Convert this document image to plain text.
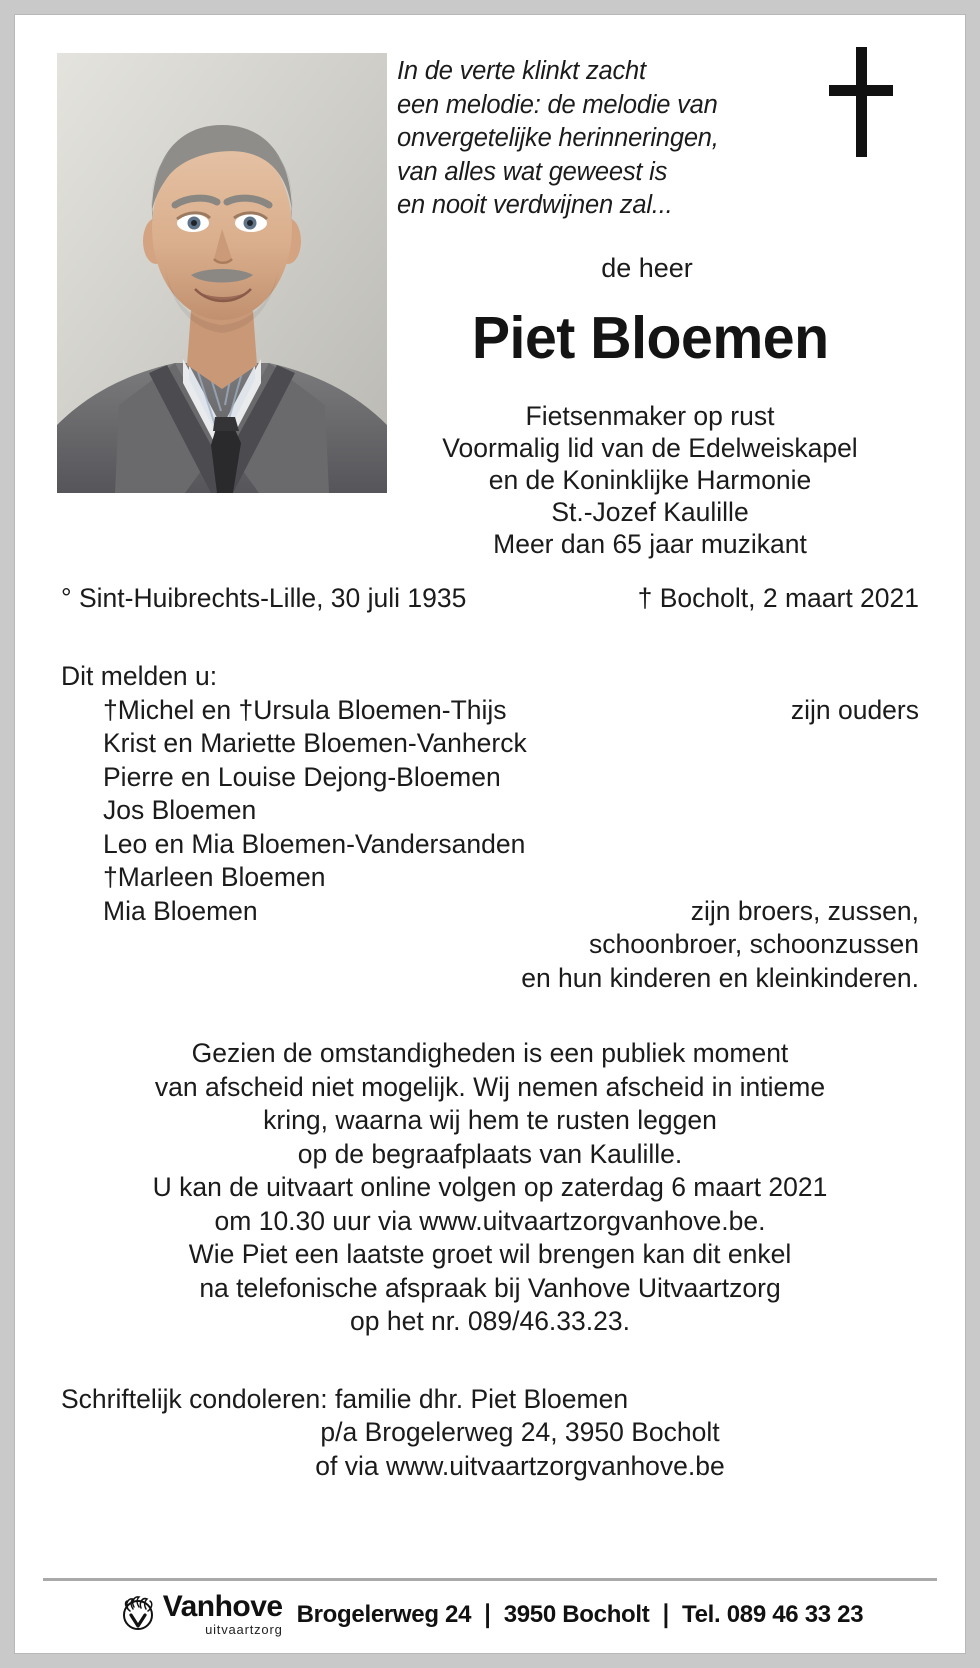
In de verte klinkt zacht
een melodie: de melodie van
onvergetelijke herinneringen,
van alles wat geweest is
en nooit verdwijnen zal...
de heer
Piet Bloemen
Fietsenmaker op rust
Voormalig lid van de Edelweiskapel
en de Koninklijke Harmonie
St.-Jozef Kaulille
Meer dan 65 jaar muzikant
° Sint-Huibrechts-Lille, 30 juli 1935	† Bocholt, 2 maart 2021
Dit melden u:
†Michel en †Ursula Bloemen-Thijs	zijn ouders
Krist en Mariette Bloemen-Vanherck
Pierre en Louise Dejong-Bloemen
Jos Bloemen
Leo en Mia Bloemen-Vandersanden
†Marleen Bloemen
Mia Bloemen	zijn broers, zussen,
schoonbroer, schoonzussen
en hun kinderen en kleinkinderen.
Gezien de omstandigheden is een publiek moment
van afscheid niet mogelijk. Wij nemen afscheid in intieme
kring, waarna wij hem te rusten leggen
op de begraafplaats van Kaulille.
U kan de uitvaart online volgen op zaterdag 6 maart 2021
om 10.30 uur via www.uitvaartzorgvanhove.be.
Wie Piet een laatste groet wil brengen kan dit enkel
na telefonische afspraak bij Vanhove Uitvaartzorg
op het nr. 089/46.33.23.
Schriftelijk condoleren: familie dhr. Piet Bloemen
p/a Brogelerweg 24, 3950 Bocholt
of via www.uitvaartzorgvanhove.be
Vanhove
uitvaartzorg
Brogelerweg 24 ❘ 3950 Bocholt ❘ Tel. 089 46 33 23
